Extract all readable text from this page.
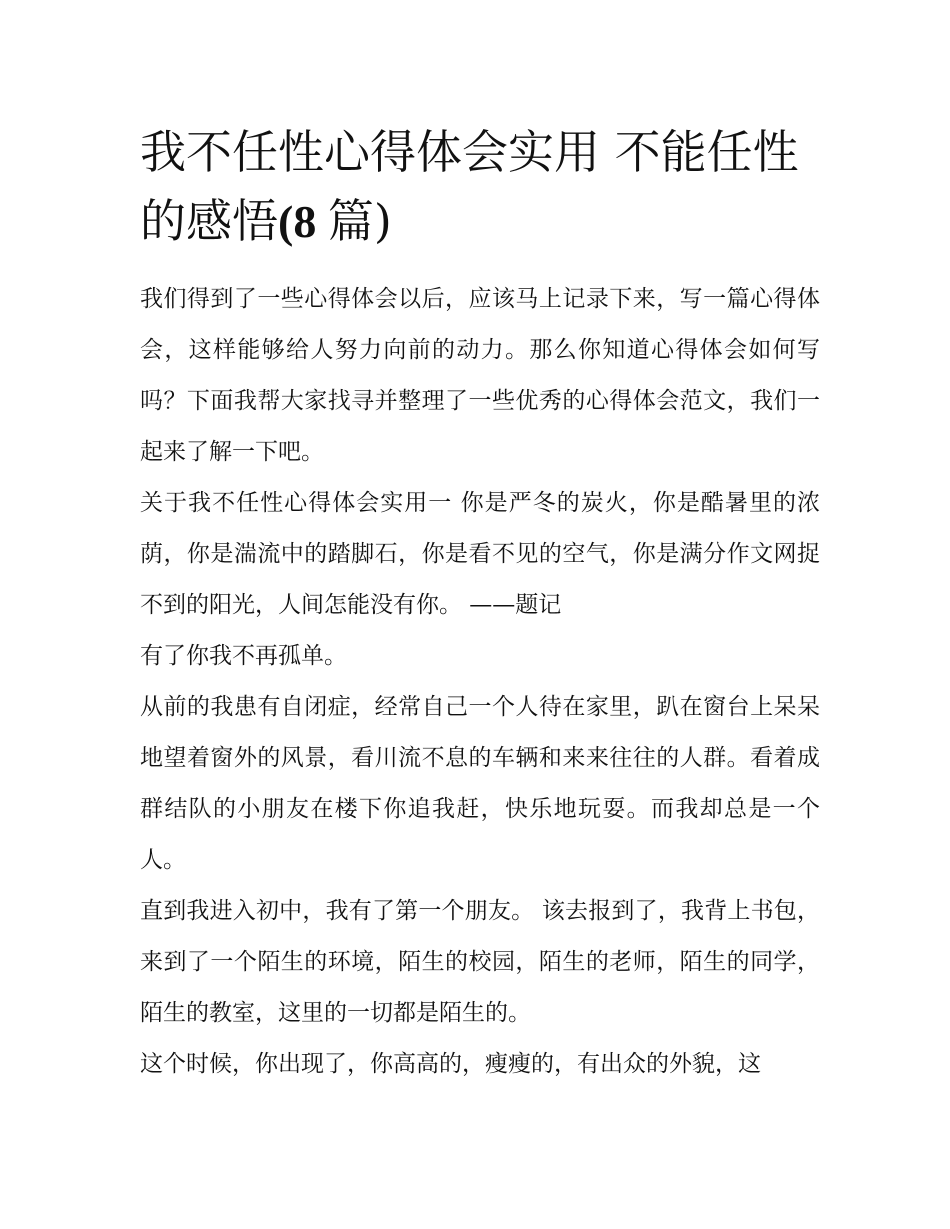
我不任性心得体会实用 不能任性的感悟(8 篇)

我们得到了一些心得体会以后，应该马上记录下来，写一篇心得体会，这样能够给人努力向前的动力。那么你知道心得体会如何写吗？下面我帮大家找寻并整理了一些优秀的心得体会范文，我们一起来了解一下吧。

关于我不任性心得体会实用一 你是严冬的炭火，你是酷暑里的浓荫，你是湍流中的踏脚石，你是看不见的空气，你是满分作文网捉不到的阳光，人间怎能没有你。 ——题记

有了你我不再孤单。

从前的我患有自闭症，经常自己一个人待在家里，趴在窗台上呆呆地望着窗外的风景，看川流不息的车辆和来来往往的人群。看着成群结队的小朋友在楼下你追我赶，快乐地玩耍。而我却总是一个人。

直到我进入初中，我有了第一个朋友。 该去报到了，我背上书包，来到了一个陌生的环境，陌生的校园，陌生的老师，陌生的同学，陌生的教室，这里的一切都是陌生的。

这个时候，你出现了，你高高的，瘦瘦的，有出众的外貌，这
